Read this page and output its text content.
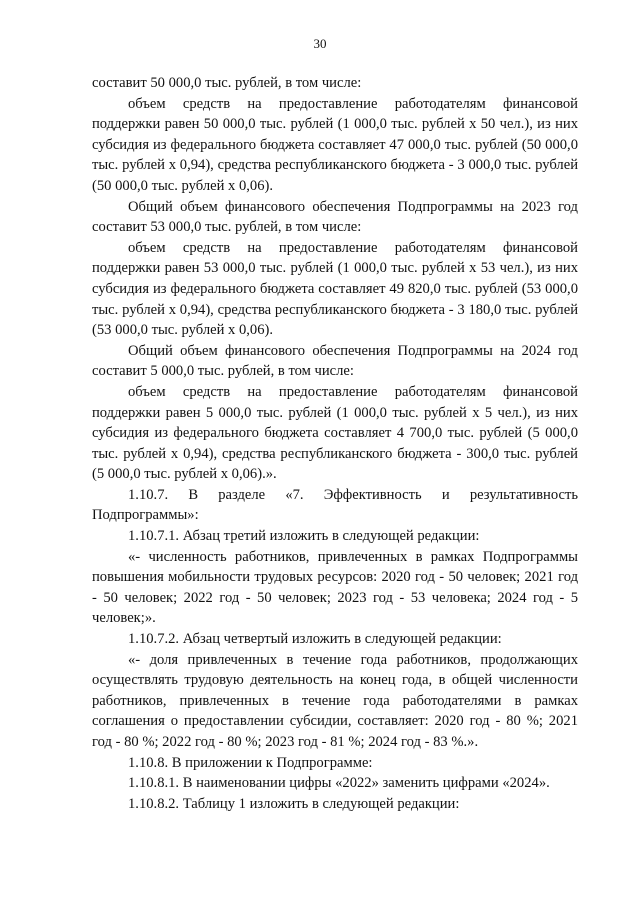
30

составит 50 000,0 тыс. рублей, в том числе:

объем средств на предоставление работодателям финансовой поддержки равен 50 000,0 тыс. рублей (1 000,0 тыс. рублей x 50 чел.), из них субсидия из федерального бюджета составляет 47 000,0 тыс. рублей (50 000,0 тыс. рублей x 0,94), средства республиканского бюджета - 3 000,0 тыс. рублей (50 000,0 тыс. рублей x 0,06).

Общий объем финансового обеспечения Подпрограммы на 2023 год составит 53 000,0 тыс. рублей, в том числе:

объем средств на предоставление работодателям финансовой поддержки равен 53 000,0 тыс. рублей (1 000,0 тыс. рублей x 53 чел.), из них субсидия из федерального бюджета составляет 49 820,0 тыс. рублей (53 000,0 тыс. рублей x 0,94), средства республиканского бюджета - 3 180,0 тыс. рублей (53 000,0 тыс. рублей x 0,06).

Общий объем финансового обеспечения Подпрограммы на 2024 год составит 5 000,0 тыс. рублей, в том числе:

объем средств на предоставление работодателям финансовой поддержки равен 5 000,0 тыс. рублей (1 000,0 тыс. рублей x 5 чел.), из них субсидия из федерального бюджета составляет 4 700,0 тыс. рублей (5 000,0 тыс. рублей x 0,94), средства республиканского бюджета - 300,0 тыс. рублей (5 000,0 тыс. рублей x 0,06).».

1.10.7. В разделе «7. Эффективность и результативность Подпрограммы»:

1.10.7.1. Абзац третий изложить в следующей редакции:

«- численность работников, привлеченных в рамках Подпрограммы повышения мобильности трудовых ресурсов: 2020 год - 50 человек; 2021 год - 50 человек; 2022 год - 50 человек; 2023 год - 53 человека; 2024 год - 5 человек;».

1.10.7.2. Абзац четвертый изложить в следующей редакции:

«- доля привлеченных в течение года работников, продолжающих осуществлять трудовую деятельность на конец года, в общей численности работников, привлеченных в течение года работодателями в рамках соглашения о предоставлении субсидии, составляет: 2020 год - 80 %; 2021 год - 80 %; 2022 год - 80 %; 2023 год - 81 %; 2024 год - 83 %.».

1.10.8. В приложении к Подпрограмме:

1.10.8.1. В наименовании цифры «2022» заменить цифрами «2024».

1.10.8.2. Таблицу 1 изложить в следующей редакции:
